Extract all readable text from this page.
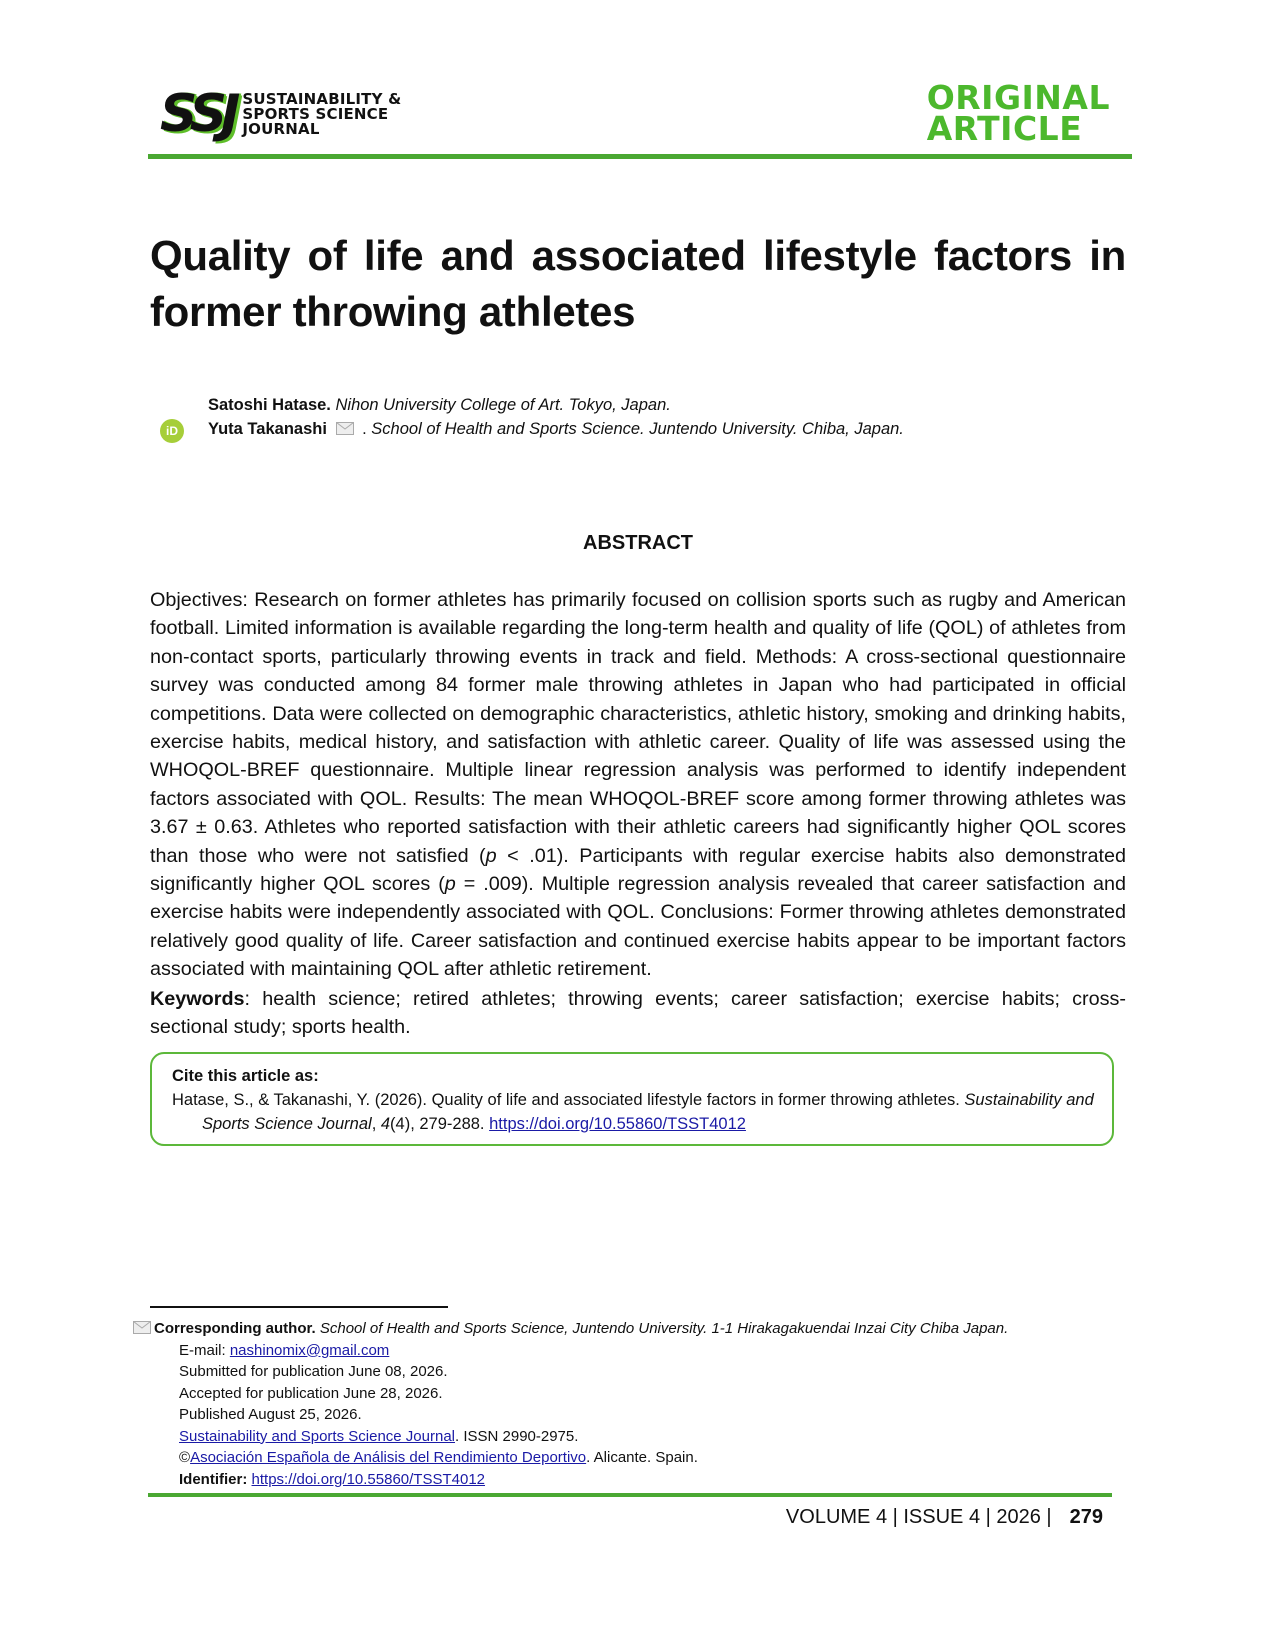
SSJ SUSTAINABILITY &
SPORTS SCIENCE
JOURNAL
ORIGINAL
ARTICLE
Quality of life and associated lifestyle factors in former throwing athletes
Satoshi Hatase. Nihon University College of Art. Tokyo, Japan.
iD	Yuta Takanashi . School of Health and Sports Science. Juntendo University. Chiba, Japan.
ABSTRACT

Objectives: Research on former athletes has primarily focused on collision sports such as rugby and American football. Limited information is available regarding the long-term health and quality of life (QOL) of athletes from non-contact sports, particularly throwing events in track and field. Methods: A cross-sectional questionnaire survey was conducted among 84 former male throwing athletes in Japan who had participated in official competitions. Data were collected on demographic characteristics, athletic history, smoking and drinking habits, exercise habits, medical history, and satisfaction with athletic career. Quality of life was assessed using the WHOQOL-BREF questionnaire. Multiple linear regression analysis was performed to identify independent factors associated with QOL. Results: The mean WHOQOL-BREF score among former throwing athletes was 3.67 ± 0.63. Athletes who reported satisfaction with their athletic careers had significantly higher QOL scores than those who were not satisfied (p < .01). Participants with regular exercise habits also demonstrated significantly higher QOL scores (p = .009). Multiple regression analysis revealed that career satisfaction and exercise habits were independently associated with QOL. Conclusions: Former throwing athletes demonstrated relatively good quality of life. Career satisfaction and continued exercise habits appear to be important factors associated with maintaining QOL after athletic retirement.

Keywords: health science; retired athletes; throwing events; career satisfaction; exercise habits; cross-sectional study; sports health.

Cite this article as:
Hatase, S., & Takanashi, Y. (2026). Quality of life and associated lifestyle factors in former throwing athletes. Sustainability and Sports Science Journal, 4(4), 279-288. https://doi.org/10.55860/TSST4012
Corresponding author. School of Health and Sports Science, Juntendo University. 1-1 Hirakagakuendai Inzai City Chiba Japan.
E-mail: nashinomix@gmail.com
Submitted for publication June 08, 2026.
Accepted for publication June 28, 2026.
Published August 25, 2026.
Sustainability and Sports Science Journal. ISSN 2990-2975.
©Asociación Española de Análisis del Rendimiento Deportivo. Alicante. Spain.
Identifier: https://doi.org/10.55860/TSST4012
VOLUME 4 | ISSUE 4 | 2026 | 279
